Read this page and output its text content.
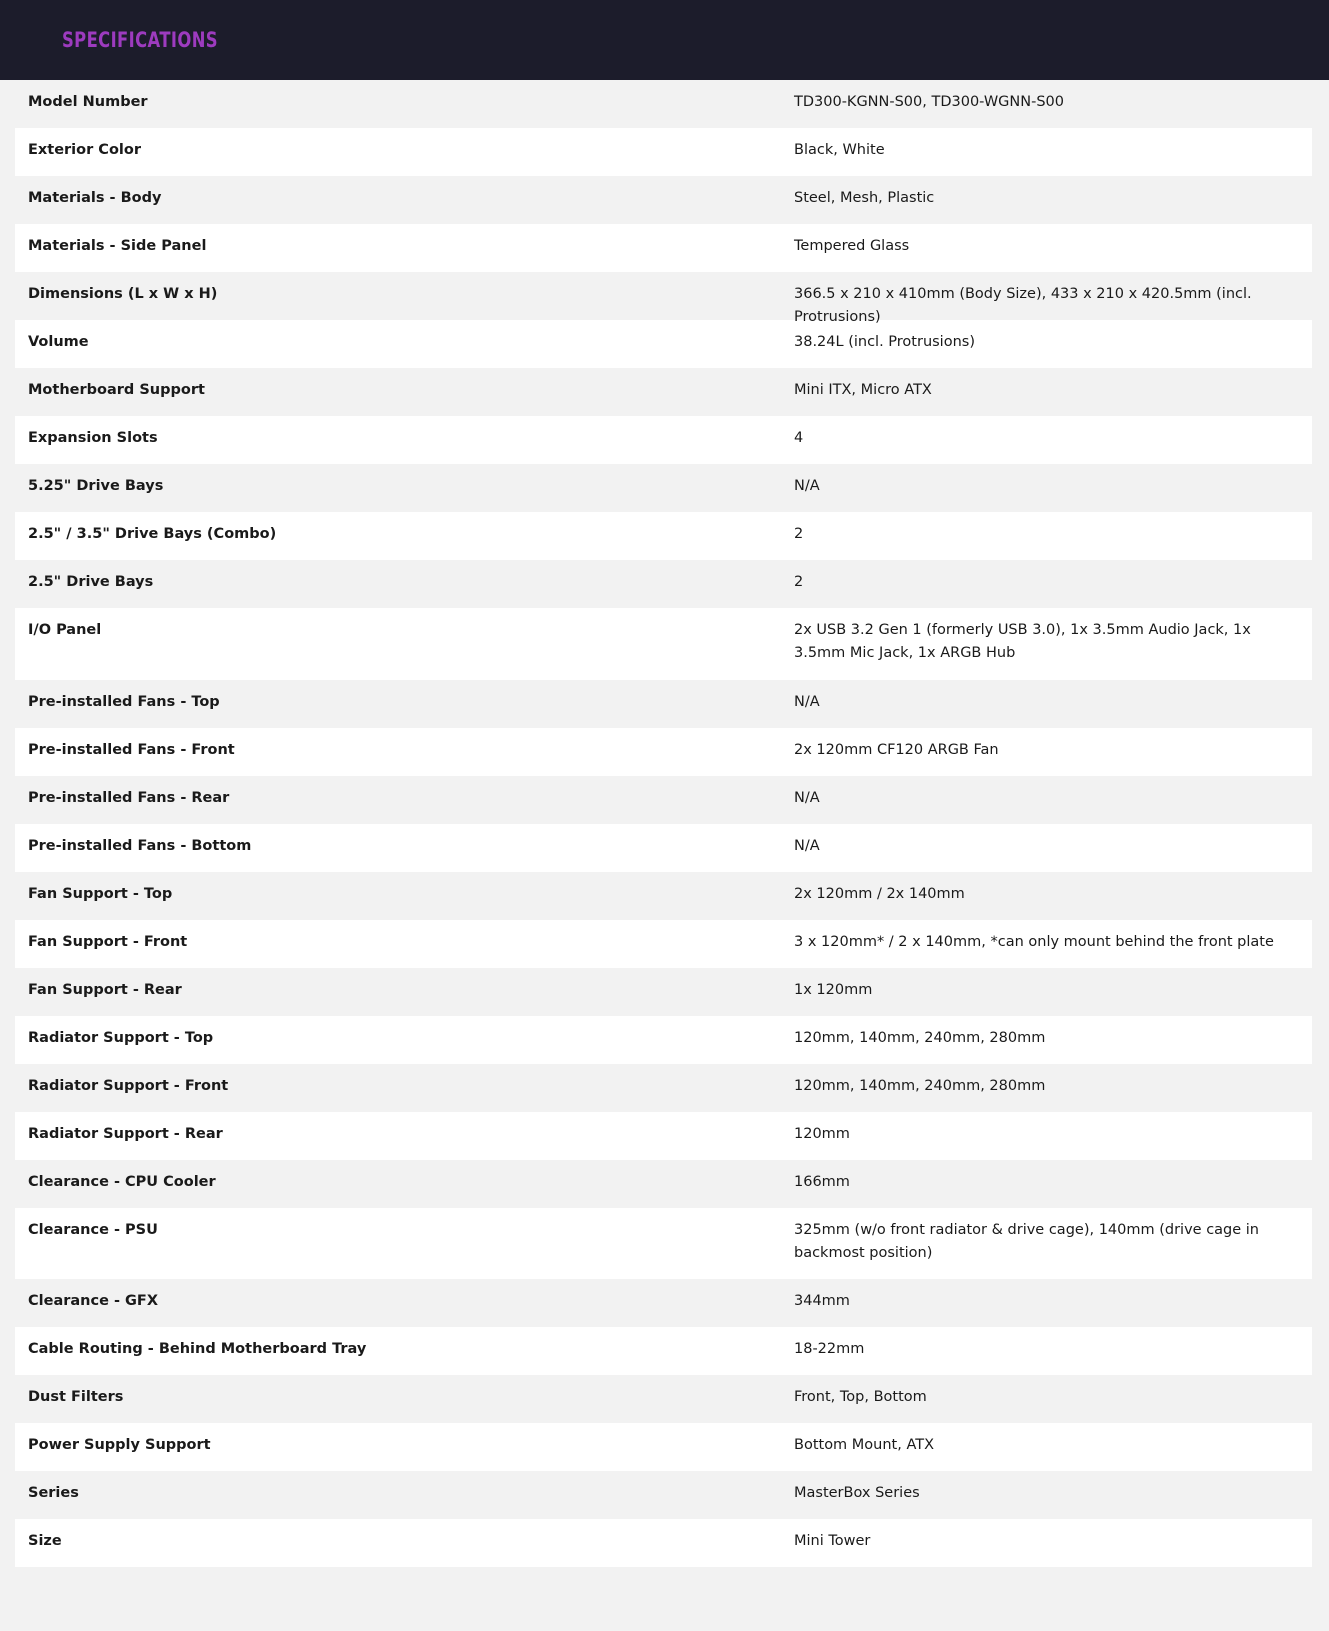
SPECIFICATIONS
Model Number	TD300-KGNN-S00, TD300-WGNN-S00
Exterior Color	Black, White
Materials - Body	Steel, Mesh, Plastic
Materials - Side Panel	Tempered Glass
Dimensions (L x W x H)	366.5 x 210 x 410mm (Body Size), 433 x 210 x 420.5mm (incl. Protrusions)
Volume	38.24L (incl. Protrusions)
Motherboard Support	Mini ITX, Micro ATX
Expansion Slots	4
5.25" Drive Bays	N/A
2.5" / 3.5" Drive Bays (Combo)	2
2.5" Drive Bays	2
I/O Panel	2x USB 3.2 Gen 1 (formerly USB 3.0), 1x 3.5mm Audio Jack, 1x 3.5mm Mic Jack, 1x ARGB Hub
Pre-installed Fans - Top	N/A
Pre-installed Fans - Front	2x 120mm CF120 ARGB Fan
Pre-installed Fans - Rear	N/A
Pre-installed Fans - Bottom	N/A
Fan Support - Top	2x 120mm / 2x 140mm
Fan Support - Front	3 x 120mm* / 2 x 140mm, *can only mount behind the front plate
Fan Support - Rear	1x 120mm
Radiator Support - Top	120mm, 140mm, 240mm, 280mm
Radiator Support - Front	120mm, 140mm, 240mm, 280mm
Radiator Support - Rear	120mm
Clearance - CPU Cooler	166mm
Clearance - PSU	325mm (w/o front radiator & drive cage), 140mm (drive cage in backmost position)
Clearance - GFX	344mm
Cable Routing - Behind Motherboard Tray	18-22mm
Dust Filters	Front, Top, Bottom
Power Supply Support	Bottom Mount, ATX
Series	MasterBox Series
Size	Mini Tower
